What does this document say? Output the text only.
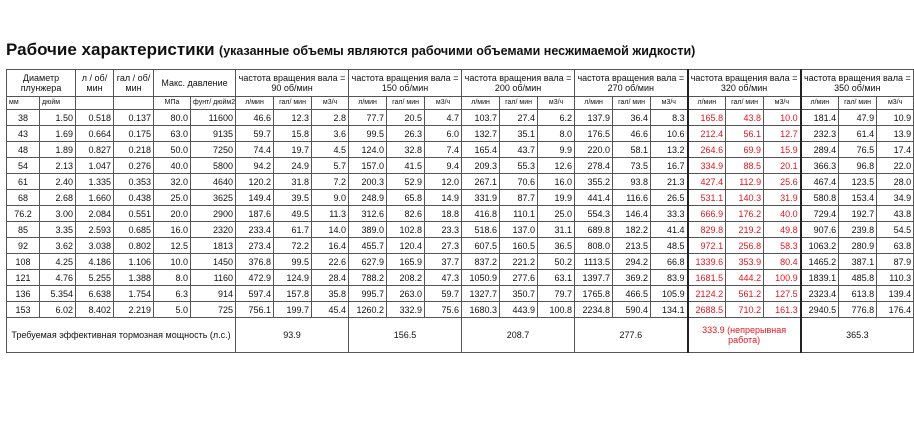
Рабочие характеристики (указанные объемы являются рабочими объемами несжимаемой жидкости)
Диаметр плунжера		л / об/мин	гал / об/мин	Макс. давление		частота вращения вала = 90 об/мин			частота вращения вала = 150 об/мин			частота вращения вала = 200 об/мин			частота вращения вала = 270 об/мин			частота вращения вала = 320 об/мин			частота вращения вала = 350 об/мин		
мм	дюйм			МПа	фунт/ дюйм2	л/мин	гал/ мин	м3/ч	л/мин	гал/ мин	м3/ч	л/мин	гал/ мин	м3/ч	л/мин	гал/ мин	м3/ч	л/мин	гал/ мин	м3/ч	л/мин	гал/ мин	м3/ч
38	1.50	0.518	0.137	80.0	11600	46.6	12.3	2.8	77.7	20.5	4.7	103.7	27.4	6.2	137.9	36.4	8.3	165.8	43.8	10.0	181.4	47.9	10.9
43	1.69	0.664	0.175	63.0	9135	59.7	15.8	3.6	99.5	26.3	6.0	132.7	35.1	8.0	176.5	46.6	10.6	212.4	56.1	12.7	232.3	61.4	13.9
48	1.89	0.827	0.218	50.0	7250	74.4	19.7	4.5	124.0	32.8	7.4	165.4	43.7	9.9	220.0	58.1	13.2	264.6	69.9	15.9	289.4	76.5	17.4
54	2.13	1.047	0.276	40.0	5800	94.2	24.9	5.7	157.0	41.5	9.4	209.3	55.3	12.6	278.4	73.5	16.7	334.9	88.5	20.1	366.3	96.8	22.0
61	2.40	1.335	0.353	32.0	4640	120.2	31.8	7.2	200.3	52.9	12.0	267.1	70.6	16.0	355.2	93.8	21.3	427.4	112.9	25.6	467.4	123.5	28.0
68	2.68	1.660	0.438	25.0	3625	149.4	39.5	9.0	248.9	65.8	14.9	331.9	87.7	19.9	441.4	116.6	26.5	531.1	140.3	31.9	580.8	153.4	34.9
76.2	3.00	2.084	0.551	20.0	2900	187.6	49.5	11.3	312.6	82.6	18.8	416.8	110.1	25.0	554.3	146.4	33.3	666.9	176.2	40.0	729.4	192.7	43.8
85	3.35	2.593	0.685	16.0	2320	233.4	61.7	14.0	389.0	102.8	23.3	518.6	137.0	31.1	689.8	182.2	41.4	829.8	219.2	49.8	907.6	239.8	54.5
92	3.62	3.038	0.802	12.5	1813	273.4	72.2	16.4	455.7	120.4	27.3	607.5	160.5	36.5	808.0	213.5	48.5	972.1	256.8	58.3	1063.2	280.9	63.8
108	4.25	4.186	1.106	10.0	1450	376.8	99.5	22.6	627.9	165.9	37.7	837.2	221.2	50.2	1113.5	294.2	66.8	1339.6	353.9	80.4	1465.2	387.1	87.9
121	4.76	5.255	1.388	8.0	1160	472.9	124.9	28.4	788.2	208.2	47.3	1050.9	277.6	63.1	1397.7	369.2	83.9	1681.5	444.2	100.9	1839.1	485.8	110.3
136	5.354	6.638	1.754	6.3	914	597.4	157.8	35.8	995.7	263.0	59.7	1327.7	350.7	79.7	1765.8	466.5	105.9	2124.2	561.2	127.5	2323.4	613.8	139.4
153	6.02	8.402	2.219	5.0	725	756.1	199.7	45.4	1260.2	332.9	75.6	1680.3	443.9	100.8	2234.8	590.4	134.1	2688.5	710.2	161.3	2940.5	776.8	176.4
Требуемая эффективная тормозная мощность (л.с.)						93.9			156.5			208.7			277.6			333.9 (непрерывная работа)			365.3		
